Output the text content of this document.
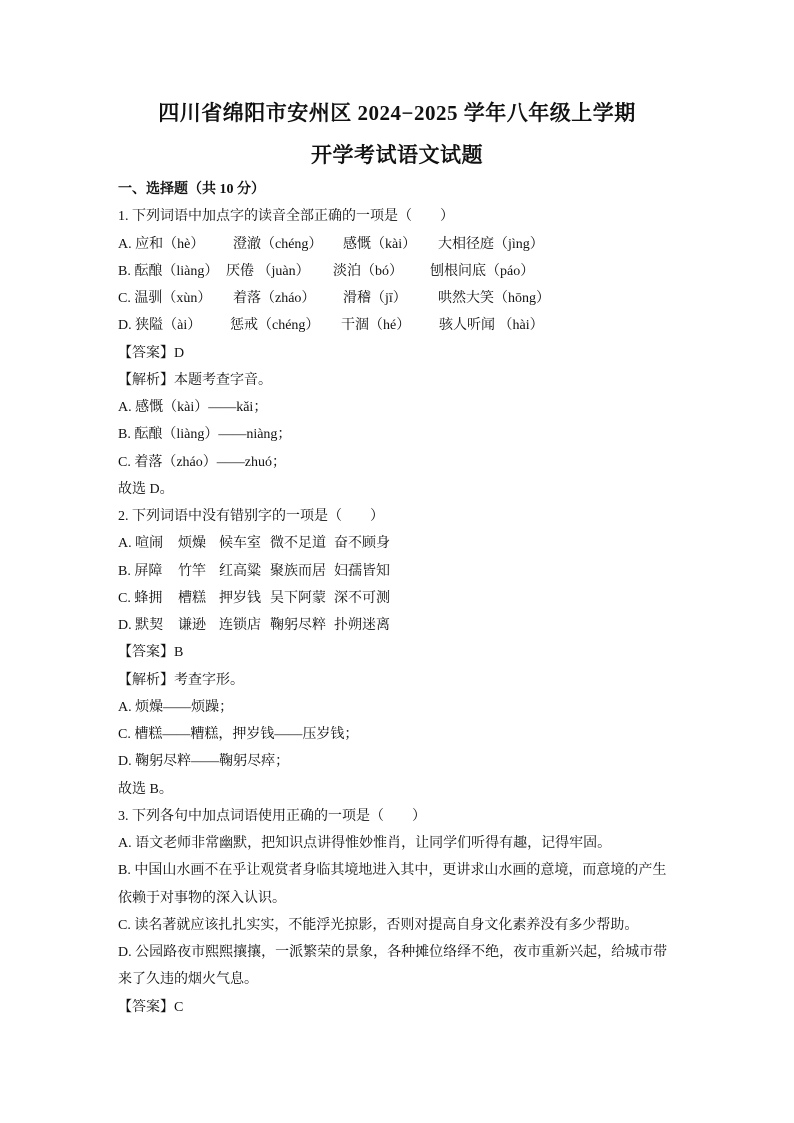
四川省绵阳市安州区 2024−2025 学年八年级上学期
开学考试语文试题
一、选择题（共 10 分）
1. 下列词语中加点字的读音全部正确的一项是（　　）
A. 应和（hè） 澄澈（chéng） 感慨（kài） 大相径庭（jìng）
B. 酝酿（liàng） 厌倦 （juàn） 淡泊（bó） 刨根问底（páo）
C. 温驯（xùn） 着落（zháo） 滑稽（jī） 哄然大笑（hōng）
D. 狭隘（ài） 惩戒（chéng） 干涸（hé） 骇人听闻 （hài）
【答案】D
【解析】本题考查字音。
A. 感慨（kài）——kǎi；
B. 酝酿（liàng）——niàng；
C. 着落（zháo）——zhuó；
故选 D。
2. 下列词语中没有错别字的一项是（　　）
A. 喧闹 烦燥 候车室 微不足道 奋不顾身
B. 屏障 竹竿 红高粱 聚族而居 妇孺皆知
C. 蜂拥 槽糕 押岁钱 吴下阿蒙 深不可测
D. 默契 谦逊 连锁店 鞠躬尽粹 扑朔迷离
【答案】B
【解析】考查字形。
A. 烦燥——烦躁；
C. 槽糕——糟糕，押岁钱——压岁钱；
D. 鞠躬尽粹——鞠躬尽瘁；
故选 B。
3. 下列各句中加点词语使用正确的一项是（　　）
A. 语文老师非常幽默，把知识点讲得惟妙惟肖，让同学们听得有趣，记得牢固。
B. 中国山水画不在乎让观赏者身临其境地进入其中，更讲求山水画的意境，而意境的产生依赖于对事物的深入认识。
C. 读名著就应该扎扎实实，不能浮光掠影，否则对提高自身文化素养没有多少帮助。
D. 公园路夜市熙熙攘攘，一派繁荣的景象，各种摊位络绎不绝，夜市重新兴起，给城市带来了久违的烟火气息。
【答案】C
